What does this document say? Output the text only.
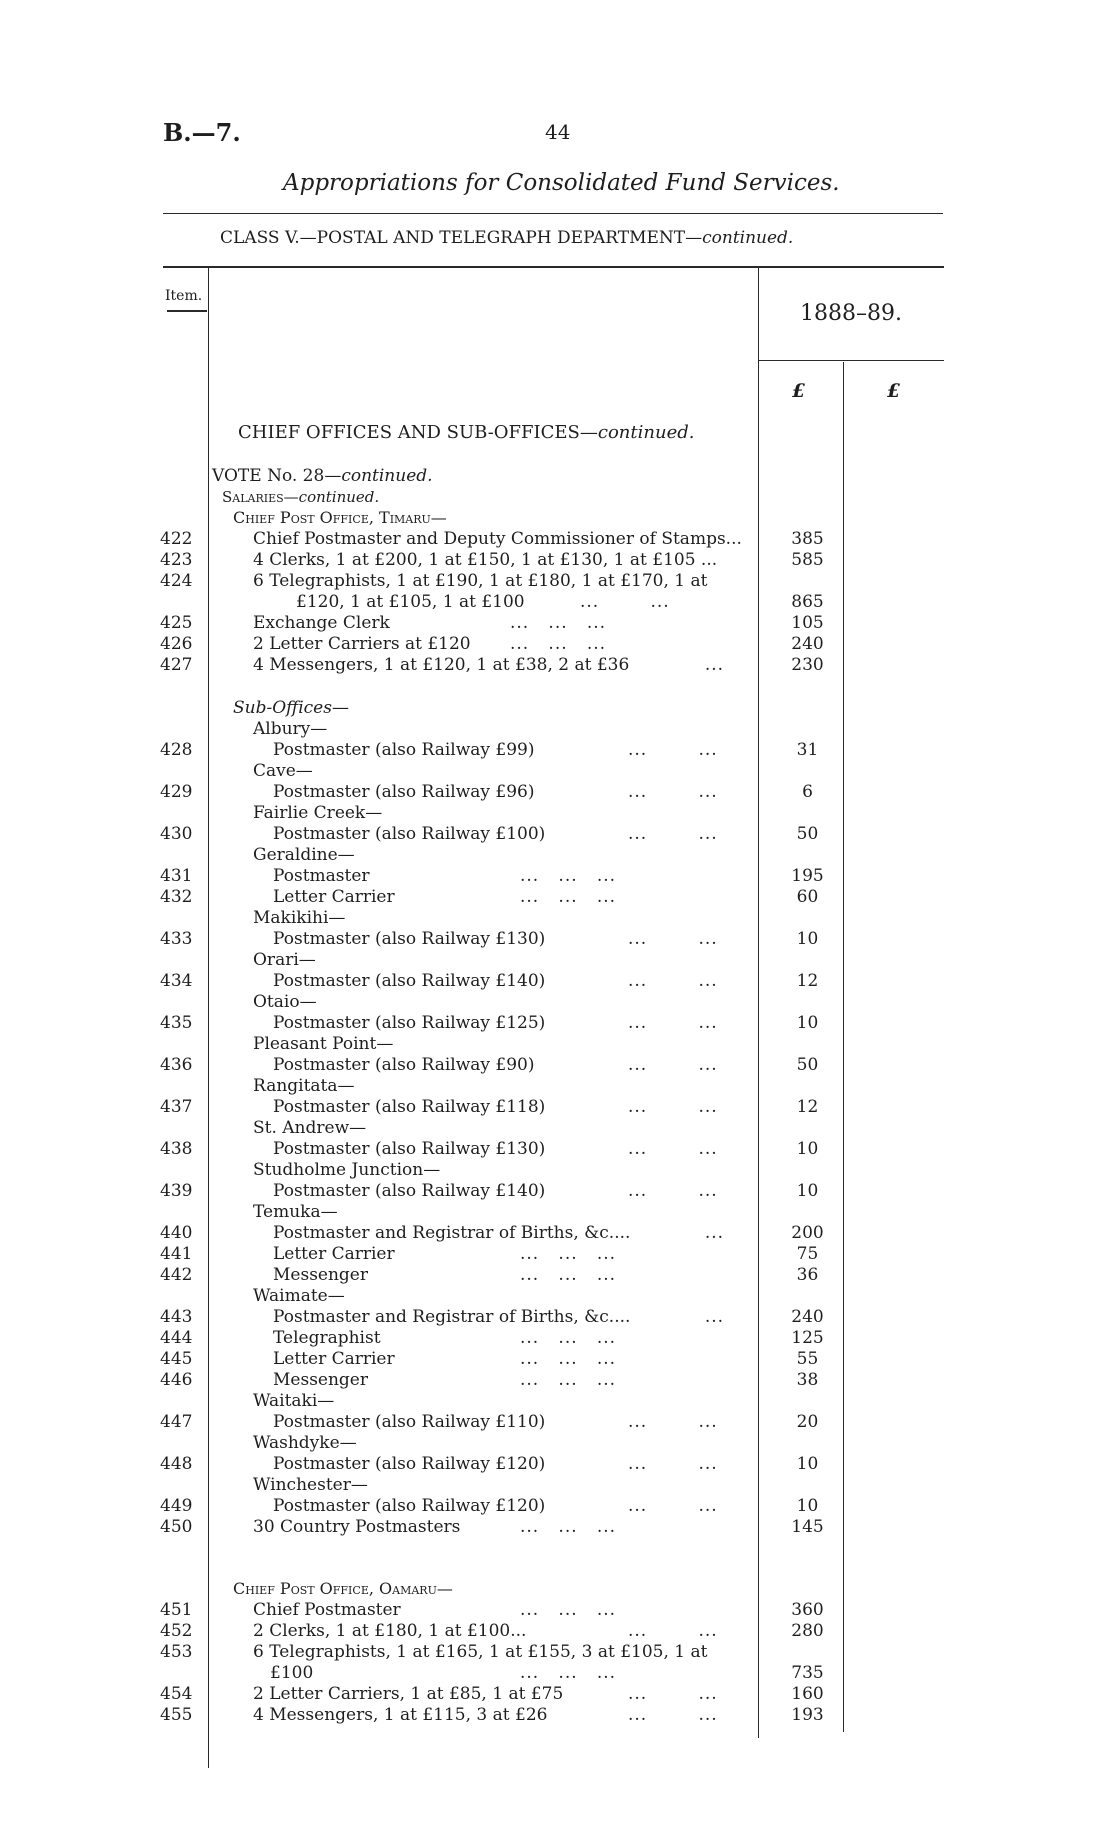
B.—7.	44
Appropriations for Consolidated Fund Services.
CLASS V.—POSTAL AND TELEGRAPH DEPARTMENT—continued.
Item.
1888–89.
£	£
CHIEF OFFICES AND SUB-OFFICES—continued.
VOTE No. 28—continued.
Salaries—continued.
Chief Post Office, Timaru—
422	Chief Postmaster and Deputy Commissioner of Stamps...	385
423	4 Clerks, 1 at £200, 1 at £150, 1 at £130, 1 at £105 ...	585
424	6 Telegraphists, 1 at £190, 1 at £180, 1 at £170, 1 at
£120, 1 at £105, 1 at £100	...        ...	865
425	Exchange Clerk	...   ...   ...	105
426	2 Letter Carriers at £120 ...   ...   ...	240
427	4 Messengers, 1 at £120, 1 at £38, 2 at £36 ...	230
Sub-Offices—
Albury—
428	Postmaster (also Railway £99)	...        ...	31
Cave—
429	Postmaster (also Railway £96)	...        ...	6
Fairlie Creek—
430	Postmaster (also Railway £100)	...        ...	50
Geraldine—
431	Postmaster	...   ...   ...	195
432	Letter Carrier	...   ...   ...	60
Makikihi—
433	Postmaster (also Railway £130)	...        ...	10
Orari—
434	Postmaster (also Railway £140)	...        ...	12
Otaio—
435	Postmaster (also Railway £125)	...        ...	10
Pleasant Point—
436	Postmaster (also Railway £90)	...        ...	50
Rangitata—
437	Postmaster (also Railway £118)	...        ...	12
St. Andrew—
438	Postmaster (also Railway £130)	...        ...	10
Studholme Junction—
439	Postmaster (also Railway £140)	...        ...	10
Temuka—
440	Postmaster and Registrar of Births, &c.... ...	200
441	Letter Carrier	...   ...   ...	75
442	Messenger	...   ...   ...	36
Waimate—
443	Postmaster and Registrar of Births, &c.... ...	240
444	Telegraphist	...   ...   ...	125
445	Letter Carrier	...   ...   ...	55
446	Messenger	...   ...   ...	38
Waitaki—
447	Postmaster (also Railway £110)	...        ...	20
Washdyke—
448	Postmaster (also Railway £120)	...        ...	10
Winchester—
449	Postmaster (also Railway £120)	...        ...	10
450	30 Country Postmasters	...   ...   ...	145
Chief Post Office, Oamaru—
451	Chief Postmaster	...   ...   ...	360
452	2 Clerks, 1 at £180, 1 at £100...	...        ...	280
453	6 Telegraphists, 1 at £165, 1 at £155, 3 at £105, 1 at
£100	...   ...   ...	735
454	2 Letter Carriers, 1 at £85, 1 at £75	...        ...	160
455	4 Messengers, 1 at £115, 3 at £26	...        ...	193
